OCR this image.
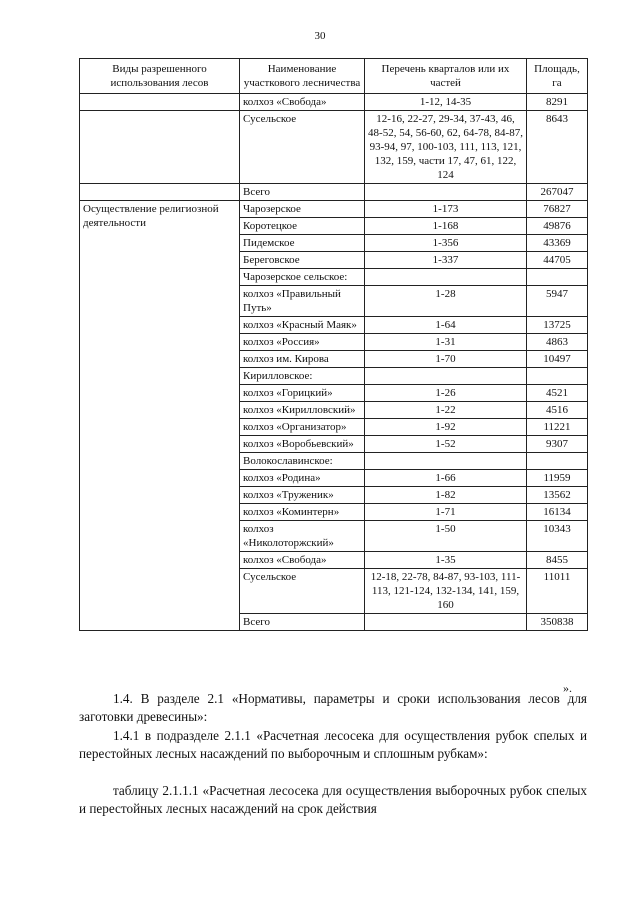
30
Виды разрешенного использования лесов	Наименование участкового лесничества	Перечень кварталов или их частей	Площадь, га
	колхоз «Свобода»	1-12, 14-35	8291
	Сусельское	12-16, 22-27, 29-34, 37-43, 46, 48-52, 54, 56-60, 62, 64-78, 84-87, 93-94, 97, 100-103, 111, 113, 121, 132, 159, части 17, 47, 61, 122, 124	8643
	Всего		267047
Осуществление религиозной деятельности	Чарозерское	1-173	76827
	Коротецкое	1-168	49876
	Пидемское	1-356	43369
	Береговское	1-337	44705
	Чарозерское сельское:		
	колхоз «Правильный Путь»	1-28	5947
	колхоз «Красный Маяк»	1-64	13725
	колхоз «Россия»	1-31	4863
	колхоз им. Кирова	1-70	10497
	Кирилловское:		
	колхоз «Горицкий»	1-26	4521
	колхоз «Кирилловский»	1-22	4516
	колхоз «Организатор»	1-92	11221
	колхоз «Воробьевский»	1-52	9307
	Волокославинское:		
	колхоз «Родина»	1-66	11959
	колхоз «Труженик»	1-82	13562
	колхоз «Коминтерн»	1-71	16134
	колхоз «Николоторжский»	1-50	10343
	колхоз «Свобода»	1-35	8455
	Сусельское	12-18, 22-78, 84-87, 93-103, 111-113, 121-124, 132-134, 141, 159, 160	11011
	Всего		350838
».

1.4. В разделе 2.1 «Нормативы, параметры и сроки использования лесов для заготовки древесины»:

1.4.1 в подразделе 2.1.1 «Расчетная лесосека для осуществления рубок спелых и перестойных лесных насаждений по выборочным и сплошным рубкам»:

таблицу 2.1.1.1 «Расчетная лесосека для осуществления выборочных рубок спелых и перестойных лесных насаждений на срок действия
